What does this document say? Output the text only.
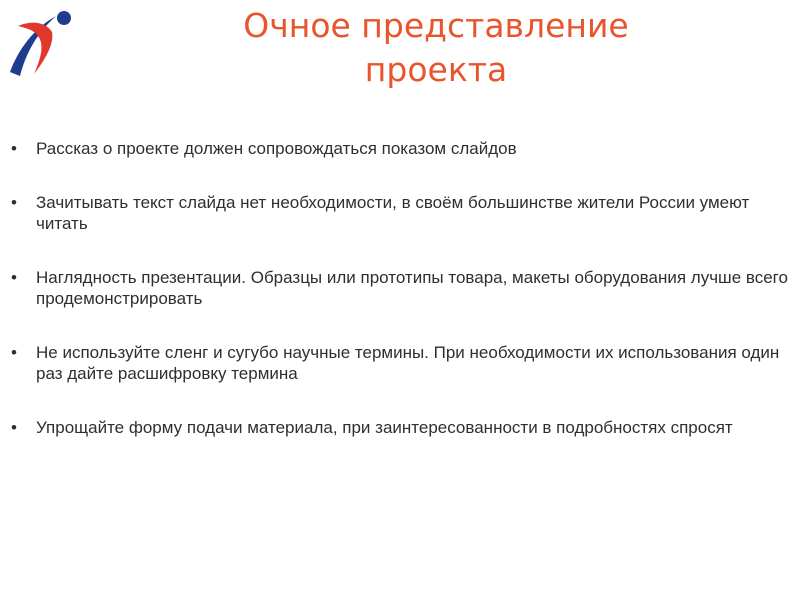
Очное представление
проекта
•	Рассказ о проекте должен сопровождаться показом слайдов
•	Зачитывать текст слайда нет необходимости, в своём большинстве жители России умеют читать
•	Наглядность презентации. Образцы или прототипы товара, макеты оборудования лучше всего продемонстрировать
•	Не используйте сленг и сугубо научные термины. При необходимости их использования один раз дайте расшифровку термина
•	Упрощайте форму подачи материала, при заинтересованности в подробностях спросят
